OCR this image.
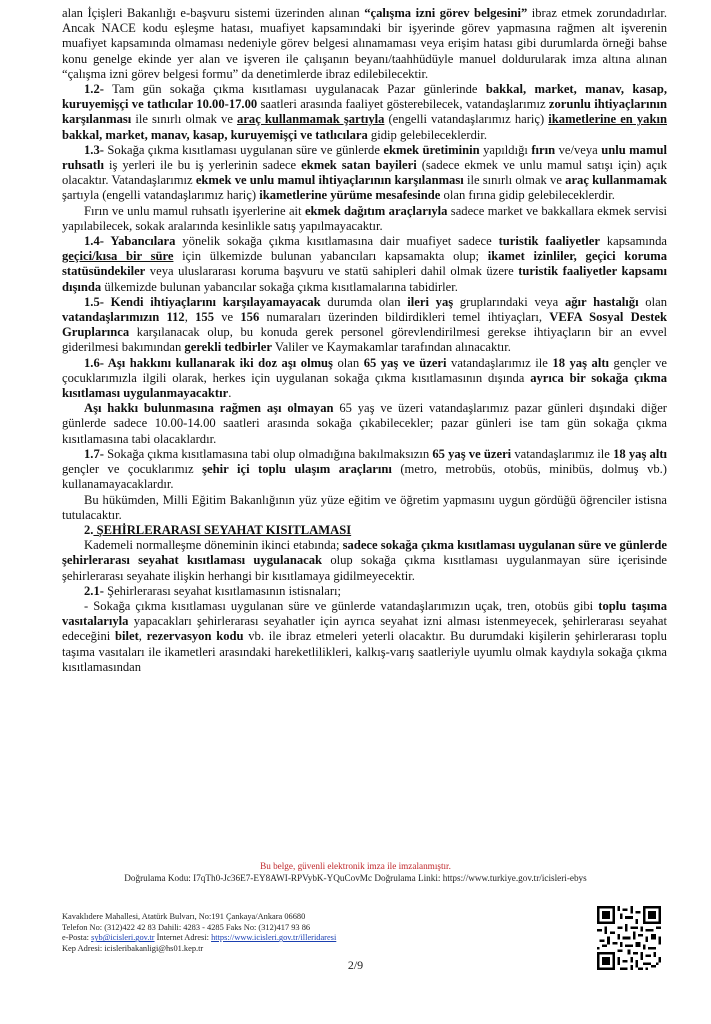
alan İçişleri Bakanlığı e-başvuru sistemi üzerinden alınan “çalışma izni görev belgesini” ibraz etmek zorundadırlar. Ancak NACE kodu eşleşme hatası, muafiyet kapsamındaki bir işyerinde görev yapmasına rağmen alt işverenin muafiyet kapsamında olmaması nedeniyle görev belgesi alınamaması veya erişim hatası gibi durumlarda örneği bahse konu genelge ekinde yer alan ve işveren ile çalışanın beyanı/taahhüdüyle manuel doldurularak imza altına alınan “çalışma izni görev belgesi formu” da denetimlerde ibraz edilebilecektir.

1.2- Tam gün sokağa çıkma kısıtlaması uygulanacak Pazar günlerinde bakkal, market, manav, kasap, kuruyemişçi ve tatlıcılar 10.00-17.00 saatleri arasında faaliyet gösterebilecek, vatandaşlarımız zorunlu ihtiyaçlarının karşılanması ile sınırlı olmak ve araç kullanmamak şartıyla (engelli vatandaşlarımız hariç) ikametlerine en yakın bakkal, market, manav, kasap, kuruyemişçi ve tatlıcılara gidip gelebileceklerdir.

1.3- Sokağa çıkma kısıtlaması uygulanan süre ve günlerde ekmek üretiminin yapıldığı fırın ve/veya unlu mamul ruhsatlı iş yerleri ile bu iş yerlerinin sadece ekmek satan bayileri (sadece ekmek ve unlu mamul satışı için) açık olacaktır. Vatandaşlarımız ekmek ve unlu mamul ihtiyaçlarının karşılanması ile sınırlı olmak ve araç kullanmamak şartıyla (engelli vatandaşlarımız hariç) ikametlerine yürüme mesafesinde olan fırına gidip gelebileceklerdir.

Fırın ve unlu mamul ruhsatlı işyerlerine ait ekmek dağıtım araçlarıyla sadece market ve bakkallara ekmek servisi yapılabilecek, sokak aralarında kesinlikle satış yapılmayacaktır.

1.4- Yabancılara yönelik sokağa çıkma kısıtlamasına dair muafiyet sadece turistik faaliyetler kapsamında geçici/kısa bir süre için ülkemizde bulunan yabancıları kapsamakta olup; ikamet izinliler, geçici koruma statüsündekiler veya uluslararası koruma başvuru ve statü sahipleri dahil olmak üzere turistik faaliyetler kapsamı dışında ülkemizde bulunan yabancılar sokağa çıkma kısıtlamalarına tabidirler.

1.5- Kendi ihtiyaçlarını karşılayamayacak durumda olan ileri yaş gruplarındaki veya ağır hastalığı olan vatandaşlarımızın 112, 155 ve 156 numaraları üzerinden bildirdikleri temel ihtiyaçları, VEFA Sosyal Destek Gruplarınca karşılanacak olup, bu konuda gerek personel görevlendirilmesi gerekse ihtiyaçların bir an evvel giderilmesi bakımından gerekli tedbirler Valiler ve Kaymakamlar tarafından alınacaktır.

1.6- Aşı hakkını kullanarak iki doz aşı olmuş olan 65 yaş ve üzeri vatandaşlarımız ile 18 yaş altı gençler ve çocuklarımızla ilgili olarak, herkes için uygulanan sokağa çıkma kısıtlamasının dışında ayrıca bir sokağa çıkma kısıtlaması uygulanmayacaktır.

Aşı hakkı bulunmasına rağmen aşı olmayan 65 yaş ve üzeri vatandaşlarımız pazar günleri dışındaki diğer günlerde sadece 10.00-14.00 saatleri arasında sokağa çıkabilecekler; pazar günleri ise tam gün sokağa çıkma kısıtlamasına tabi olacaklardır.

1.7- Sokağa çıkma kısıtlamasına tabi olup olmadığına bakılmaksızın 65 yaş ve üzeri vatandaşlarımız ile 18 yaş altı gençler ve çocuklarımız şehir içi toplu ulaşım araçlarını (metro, metrobüs, otobüs, minibüs, dolmuş vb.) kullanamayacaklardır.

Bu hükümden, Milli Eğitim Bakanlığının yüz yüze eğitim ve öğretim yapmasını uygun gördüğü öğrenciler istisna tutulacaktır.

2. ŞEHİRLERARASI SEYAHAT KISITLAMASI

Kademeli normalleşme döneminin ikinci etabında; sadece sokağa çıkma kısıtlaması uygulanan süre ve günlerde şehirlerarası seyahat kısıtlaması uygulanacak olup sokağa çıkma kısıtlaması uygulanmayan süre içerisinde şehirlerarası seyahate ilişkin herhangi bir kısıtlamaya gidilmeyecektir.

2.1- Şehirlerarası seyahat kısıtlamasının istisnaları;

- Sokağa çıkma kısıtlaması uygulanan süre ve günlerde vatandaşlarımızın uçak, tren, otobüs gibi toplu taşıma vasıtalarıyla yapacakları şehirlerarası seyahatler için ayrıca seyahat izni alması istenmeyecek, şehirlerarası seyahat edeceğini bilet, rezervasyon kodu vb. ile ibraz etmeleri yeterli olacaktır. Bu durumdaki kişilerin şehirlerarası toplu taşıma vasıtaları ile ikametleri arasındaki hareketlilikleri, kalkış-varış saatleriyle uyumlu olmak kaydıyla sokağa çıkma kısıtlamasından

Bu belge, güvenli elektronik imza ile imzalanmıştır.
Doğrulama Kodu: I7qTh0-Jc36E7-EY8AWI-RPVybK-YQuCovMc Doğrulama Linki: https://www.turkiye.gov.tr/icisleri-ebys
Kavaklıdere Mahallesi, Atatürk Bulvarı, No:191 Çankaya/Ankara 06680
Telefon No: (312)422 42 83 Dahili: 4283 - 4285 Faks No: (312)417 93 86
e-Posta: syb@icisleri.gov.tr İnternet Adresi: https://www.icisleri.gov.tr/illeridaresi
Kep Adresi: icisleribakanligi@hs01.kep.tr
2/9
